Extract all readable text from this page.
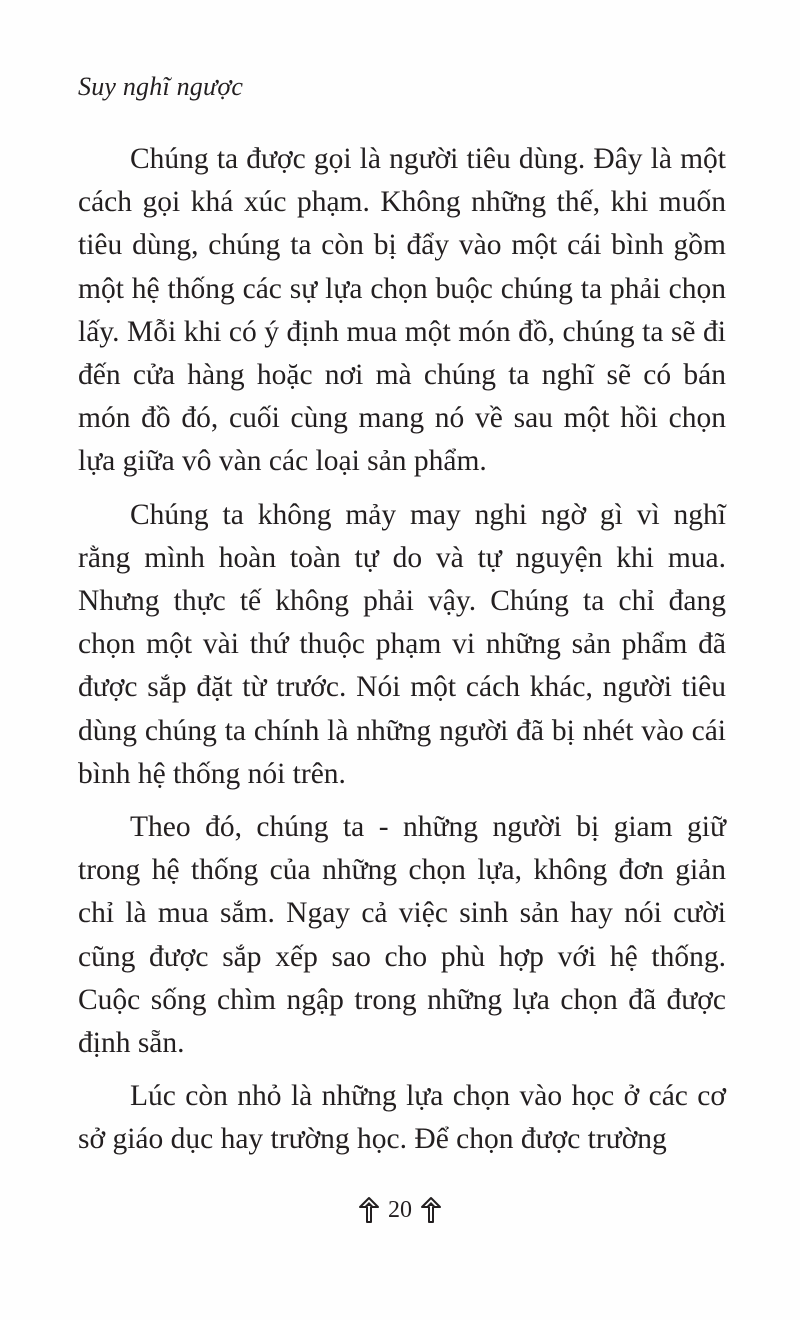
Suy nghĩ ngược

Chúng ta được gọi là người tiêu dùng. Đây là một cách gọi khá xúc phạm. Không những thế, khi muốn tiêu dùng, chúng ta còn bị đẩy vào một cái bình gồm một hệ thống các sự lựa chọn buộc chúng ta phải chọn lấy. Mỗi khi có ý định mua một món đồ, chúng ta sẽ đi đến cửa hàng hoặc nơi mà chúng ta nghĩ sẽ có bán món đồ đó, cuối cùng mang nó về sau một hồi chọn lựa giữa vô vàn các loại sản phẩm.

Chúng ta không mảy may nghi ngờ gì vì nghĩ rằng mình hoàn toàn tự do và tự nguyện khi mua. Nhưng thực tế không phải vậy. Chúng ta chỉ đang chọn một vài thứ thuộc phạm vi những sản phẩm đã được sắp đặt từ trước. Nói một cách khác, người tiêu dùng chúng ta chính là những người đã bị nhét vào cái bình hệ thống nói trên.

Theo đó, chúng ta - những người bị giam giữ trong hệ thống của những chọn lựa, không đơn giản chỉ là mua sắm. Ngay cả việc sinh sản hay nói cười cũng được sắp xếp sao cho phù hợp với hệ thống. Cuộc sống chìm ngập trong những lựa chọn đã được định sẵn.

Lúc còn nhỏ là những lựa chọn vào học ở các cơ sở giáo dục hay trường học. Để chọn được trường

20
